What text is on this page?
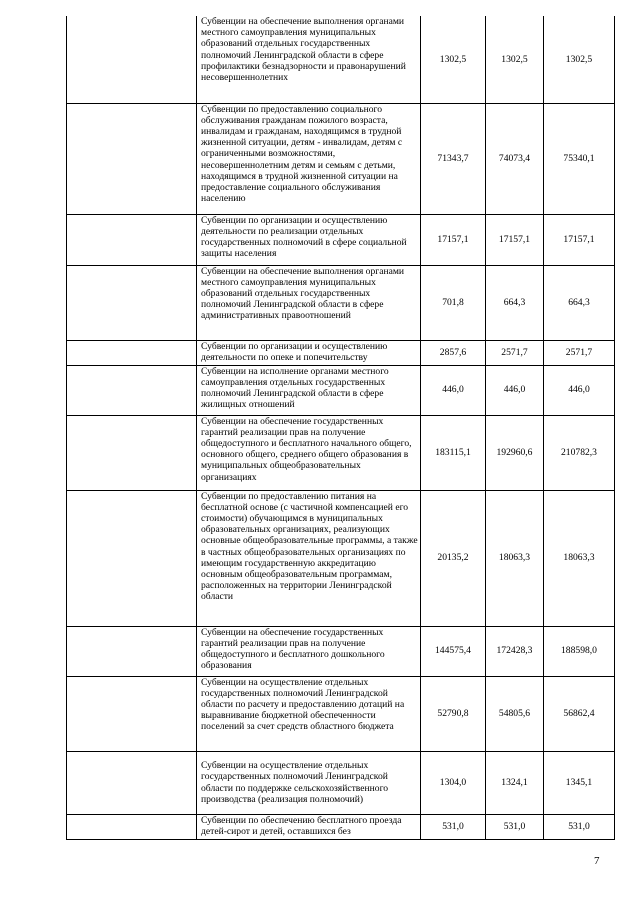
	Субвенции на обеспечение выполнения органами местного самоуправления муниципальных образований отдельных государственных полномочий Ленинградской области в сфере профилактики безнадзорности и правонарушений несовершеннолетних	1302,5	1302,5	1302,5
	Субвенции по предоставлению социального обслуживания гражданам пожилого возраста, инвалидам и гражданам, находящимся в трудной жизненной ситуации, детям - инвалидам, детям с ограниченными возможностями, несовершеннолетним детям и семьям с детьми, находящимся в трудной жизненной ситуации на предоставление социального обслуживания населению	71343,7	74073,4	75340,1
	Субвенции по организации и осуществлению деятельности по реализации отдельных государственных полномочий в сфере социальной защиты населения	17157,1	17157,1	17157,1
	Субвенции на обеспечение выполнения органами местного самоуправления муниципальных образований отдельных государственных полномочий Ленинградской области в сфере административных правоотношений	701,8	664,3	664,3
	Субвенции по организации и осуществлению деятельности по опеке и попечительству	2857,6	2571,7	2571,7
	Субвенции на исполнение органами местного самоуправления отдельных государственных полномочий Ленинградской области в сфере жилищных отношений	446,0	446,0	446,0
	Субвенции на обеспечение государственных гарантий реализации прав на получение общедоступного и бесплатного начального общего, основного общего, среднего общего образования в муниципальных общеобразовательных организациях	183115,1	192960,6	210782,3
	Субвенции по предоставлению питания на бесплатной основе (с частичной компенсацией его стоимости) обучающимся в муниципальных образовательных организациях, реализующих основные общеобразовательные программы, а также в частных общеобразовательных организациях по имеющим государственную аккредитацию основным общеобразовательным программам, расположенных на территории Ленинградской области	20135,2	18063,3	18063,3
	Субвенции на обеспечение государственных гарантий реализации прав на получение общедоступного и бесплатного дошкольного образования	144575,4	172428,3	188598,0
	Субвенции на осуществление отдельных государственных полномочий Ленинградской области по расчету и предоставлению дотаций на выравнивание бюджетной обеспеченности поселений за счет средств областного бюджета	52790,8	54805,6	56862,4
	Субвенции на осуществление отдельных государственных полномочий Ленинградской области по поддержке сельскохозяйственного производства (реализация полномочий)	1304,0	1324,1	1345,1
	Субвенции по обеспечению бесплатного проезда детей-сирот и детей, оставшихся без	531,0	531,0	531,0
7
